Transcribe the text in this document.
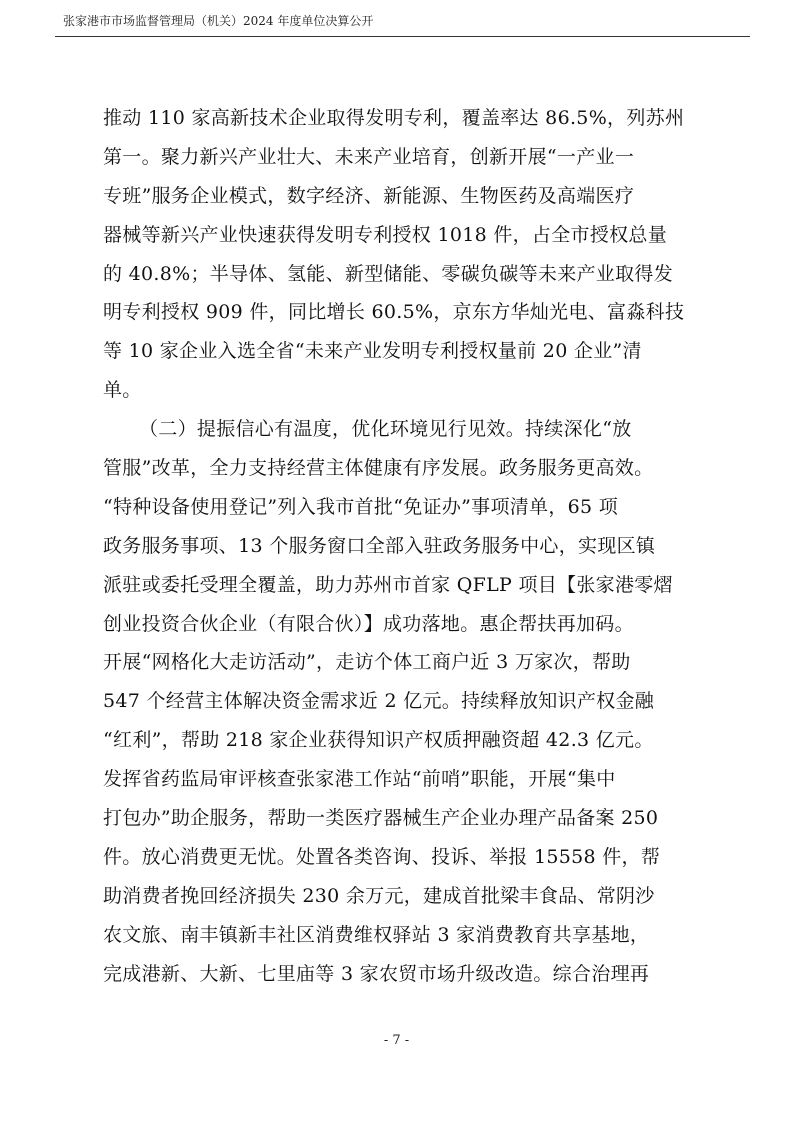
张家港市市场监督管理局（机关）2024 年度单位决算公开
推动 110 家高新技术企业取得发明专利，覆盖率达 86.5%，列苏州
第一。聚力新兴产业壮大、未来产业培育，创新开展“一产业一
专班”服务企业模式，数字经济、新能源、生物医药及高端医疗
器械等新兴产业快速获得发明专利授权 1018 件，占全市授权总量
的 40.8%；半导体、氢能、新型储能、零碳负碳等未来产业取得发
明专利授权 909 件，同比增长 60.5%，京东方华灿光电、富淼科技
等 10 家企业入选全省“未来产业发明专利授权量前 20 企业”清
单。
（二）提振信心有温度，优化环境见行见效。持续深化“放
管服”改革，全力支持经营主体健康有序发展。政务服务更高效。
“特种设备使用登记”列入我市首批“免证办”事项清单，65 项
政务服务事项、13 个服务窗口全部入驻政务服务中心，实现区镇
派驻或委托受理全覆盖，助力苏州市首家 QFLP 项目【张家港零熠
创业投资合伙企业（有限合伙）】成功落地。惠企帮扶再加码。
开展“网格化大走访活动”，走访个体工商户近 3 万家次，帮助
547 个经营主体解决资金需求近 2 亿元。持续释放知识产权金融
“红利”，帮助 218 家企业获得知识产权质押融资超 42.3 亿元。
发挥省药监局审评核查张家港工作站“前哨”职能，开展“集中
打包办”助企服务，帮助一类医疗器械生产企业办理产品备案 250
件。放心消费更无忧。处置各类咨询、投诉、举报 15558 件，帮
助消费者挽回经济损失 230 余万元，建成首批梁丰食品、常阴沙
农文旅、南丰镇新丰社区消费维权驿站 3 家消费教育共享基地，
完成港新、大新、七里庙等 3 家农贸市场升级改造。综合治理再
- 7 -
